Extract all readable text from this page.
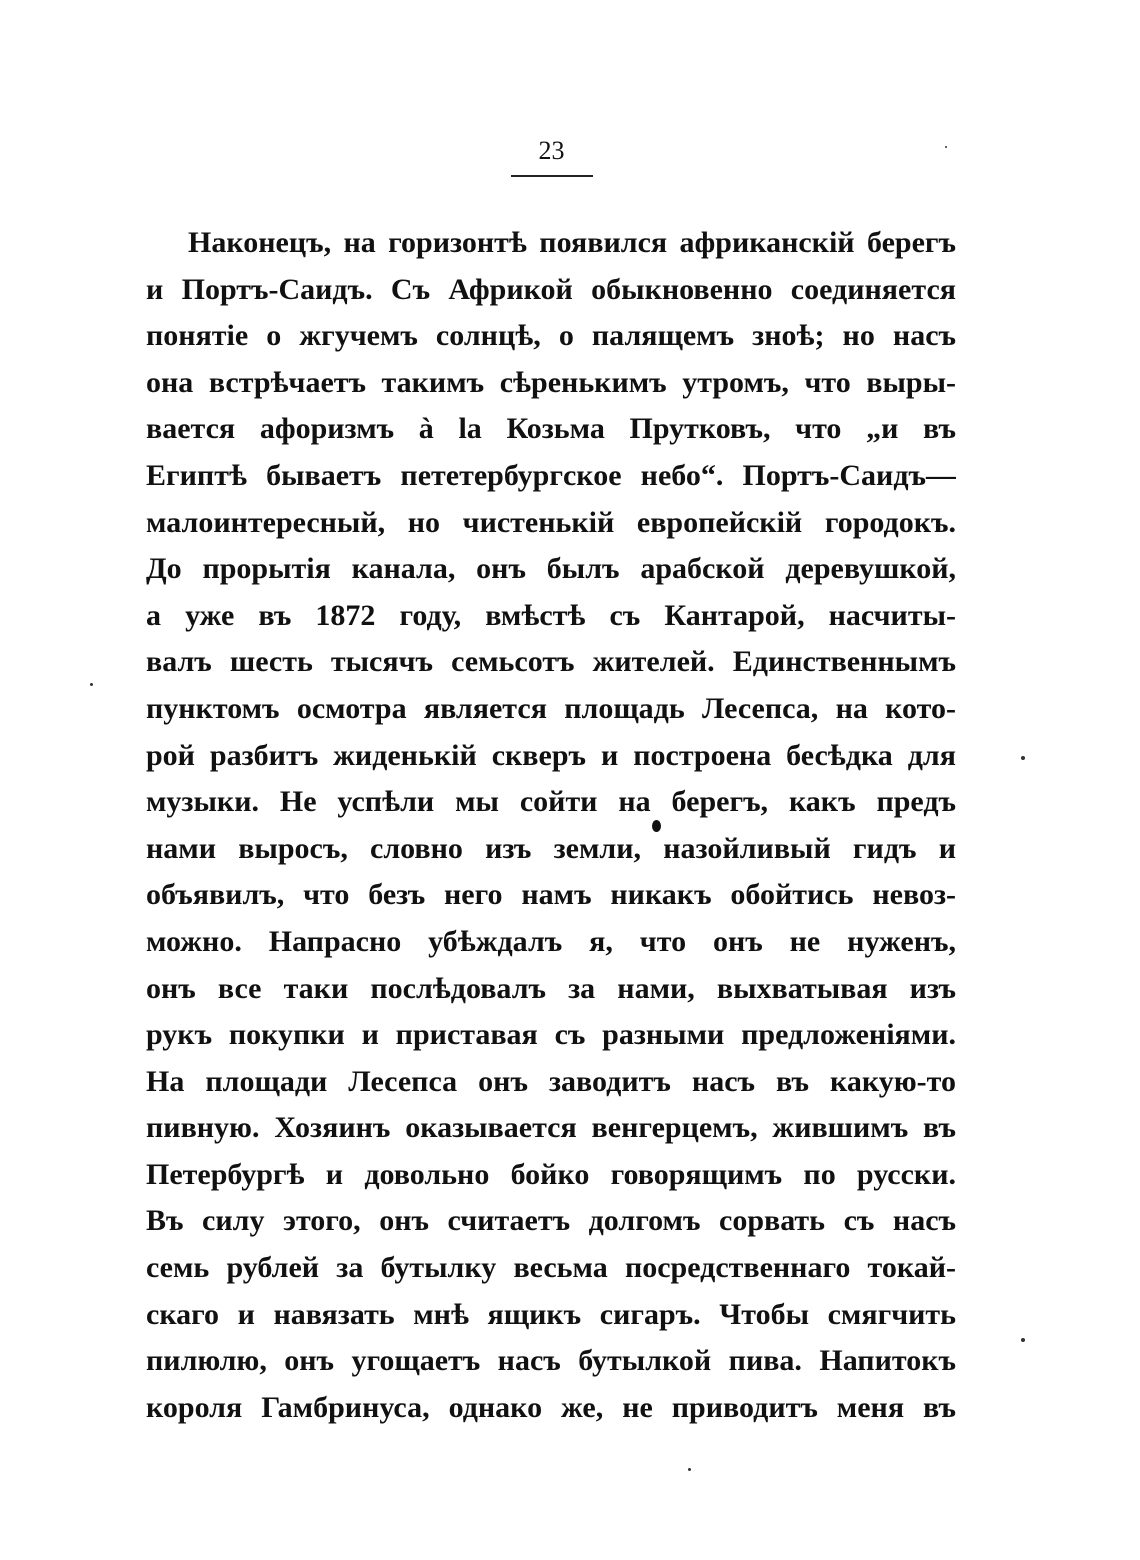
23
Наконецъ, на горизонтѣ появился африканскій берегъ
и Портъ-Саидъ. Съ Африкой обыкновенно соединяется
понятіе о жгучемъ солнцѣ, о палящемъ знoѣ; но насъ
она встрѣчаетъ такимъ сѣренькимъ утромъ, что выры-
вается афоризмъ à la Козьма Прутковъ, что „и въ
Египтѣ бываетъ пететербургское небо“. Портъ-Саидъ—
малоинтересный, но чистенькій европейскій городокъ.
До прорытія канала, онъ былъ арабской деревушкой,
а уже въ 1872 году, вмѣстѣ съ Кантарой, насчиты-
валъ шесть тысячъ семьсотъ жителей. Единственнымъ
пунктомъ осмотра является площадь Лесепса, на кото-
рой разбитъ жиденькій скверъ и построена бесѣдка для
музыки. Не успѣли мы сойти на берегъ, какъ предъ
нами выросъ, словно изъ земли, назойливый гидъ и
объявилъ, что безъ него намъ никакъ обойтись невоз-
можно. Напрасно убѣждалъ я, что онъ не нуженъ,
онъ все таки послѣдовалъ за нами, выхватывая изъ
рукъ покупки и приставая съ разными предложеніями.
На площади Лесепса онъ заводитъ насъ въ какую-то
пивную. Хозяинъ оказывается венгерцемъ, жившимъ въ
Петербургѣ и довольно бойко говорящимъ по русски.
Въ силу этого, онъ считаетъ долгомъ сорвать съ насъ
семь рублей за бутылку весьма посредственнаго токай-
скаго и навязать мнѣ ящикъ сигаръ. Чтобы смягчить
пилюлю, онъ угощаетъ насъ бутылкой пива. Напитокъ
короля Гамбринуса, однако же, не приводитъ меня въ
